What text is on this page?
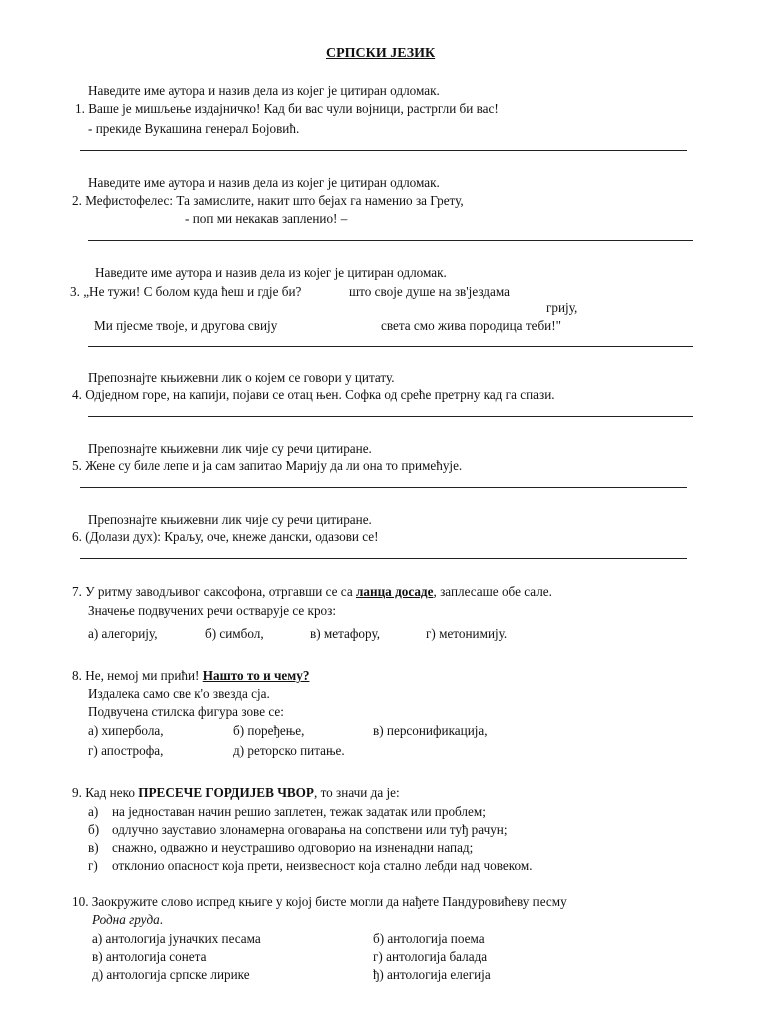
СРПСКИ ЈЕЗИК
Наведите име аутора и назив дела из којег је цитиран одломак.
1. Ваше је мишљење издајничко! Кад би вас чули војници, растргли би вас!
- прекиде Вукашина генерал Бојовић.
Наведите име аутора и назив дела из којег је цитиран одломак.
2. Мефистофелес: Та замислите, накит што бејах га наменио за Грету,
- поп ми некакав запленио! –
Наведите име аутора и назив дела из којег је цитиран одломак.
3. „Не тужи! С болом куда ћеш и гдје би?	што своје душе на зв'јездама
грију,
Ми пјесме твоје, и другова свију	света смо жива породица теби!"
Препознајте књижевни лик о којем се говори у цитату.
4. Одједном горе, на капији, појави се отац њен. Софка од среће претрну кад га спази.
Препознајте књижевни лик чије су речи цитиране.
5. Жене су биле лепе и ја сам запитао Марију да ли она то примећује.
Препознајте књижевни лик чије су речи цитиране.
6. (Долази дух): Краљу, оче, кнеже дански, одазови се!
7. У ритму заводљивог саксофона, отргавши се са ланца досаде, заплесаше обе сале.
Значење подвучених речи остварује се кроз:
а) алегорију,	б) симбол,	в) метафору,	г) метонимију.
8. Не, немој ми прићи! Нашто то и чему?
Издалека само све к'о звезда сја.
Подвучена стилска фигура зове се:
а) хипербола,	б) поређење,	в) персонификација,
г) апострофа,	д) реторско питање.
9. Кад неко ПРЕСЕЧЕ ГОРДИЈЕВ ЧВОР, то значи да је:
а) на једноставан начин решио заплетен, тежак задатак или проблем;
б) одлучно зауставио злонамерна оговарања на сопствени или туђ рачун;
в) снажно, одважно и неустрашиво одговорио на изненадни напад;
г) отклонио опасност која прети, неизвесност која стално лебди над човеком.
10. Заокружите слово испред књиге у којој бисте могли да нађете Пандуровићеву песму
Родна груда.
а) антологија јуначких песама	б) антологија поема
в) антологија сонета	г) антологија балада
д) антологија српске лирике	ђ) антологија елегија
